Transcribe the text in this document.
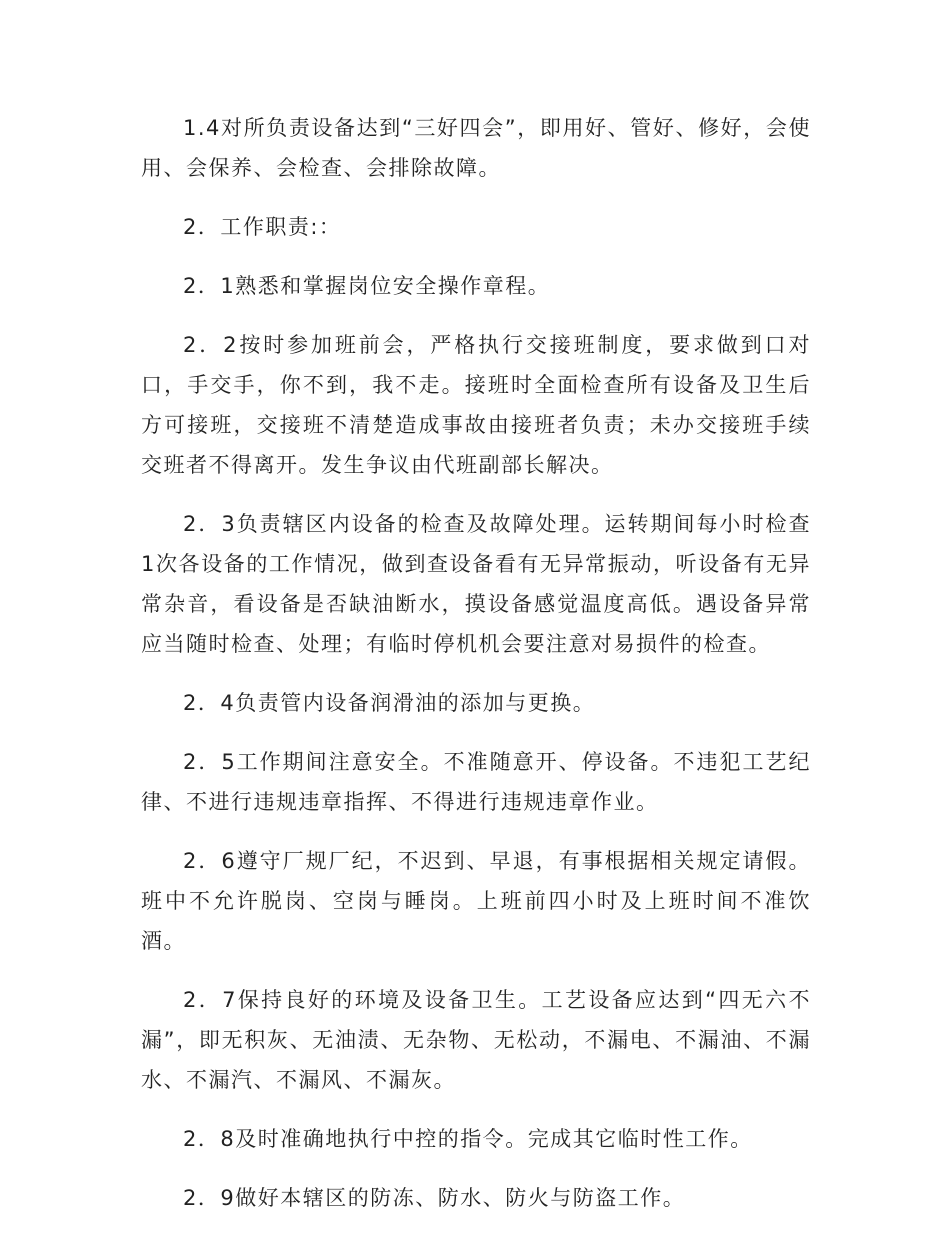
1.4对所负责设备达到“三好四会”，即用好、管好、修好，会使用、会保养、会检查、会排除故障。

2．工作职责:：

2．1熟悉和掌握岗位安全操作章程。

2．2按时参加班前会，严格执行交接班制度，要求做到口对口，手交手，你不到，我不走。接班时全面检查所有设备及卫生后方可接班，交接班不清楚造成事故由接班者负责；未办交接班手续交班者不得离开。发生争议由代班副部长解决。

2．3负责辖区内设备的检查及故障处理。运转期间每小时检查1次各设备的工作情况，做到查设备看有无异常振动，听设备有无异常杂音，看设备是否缺油断水，摸设备感觉温度高低。遇设备异常应当随时检查、处理；有临时停机机会要注意对易损件的检查。

2．4负责管内设备润滑油的添加与更换。

2．5工作期间注意安全。不准随意开、停设备。不违犯工艺纪律、不进行违规违章指挥、不得进行违规违章作业。

2．6遵守厂规厂纪，不迟到、早退，有事根据相关规定请假。班中不允许脱岗、空岗与睡岗。上班前四小时及上班时间不准饮酒。

2．7保持良好的环境及设备卫生。工艺设备应达到“四无六不漏”，即无积灰、无油渍、无杂物、无松动，不漏电、不漏油、不漏水、不漏汽、不漏风、不漏灰。

2．8及时准确地执行中控的指令。完成其它临时性工作。

2．9做好本辖区的防冻、防水、防火与防盗工作。
